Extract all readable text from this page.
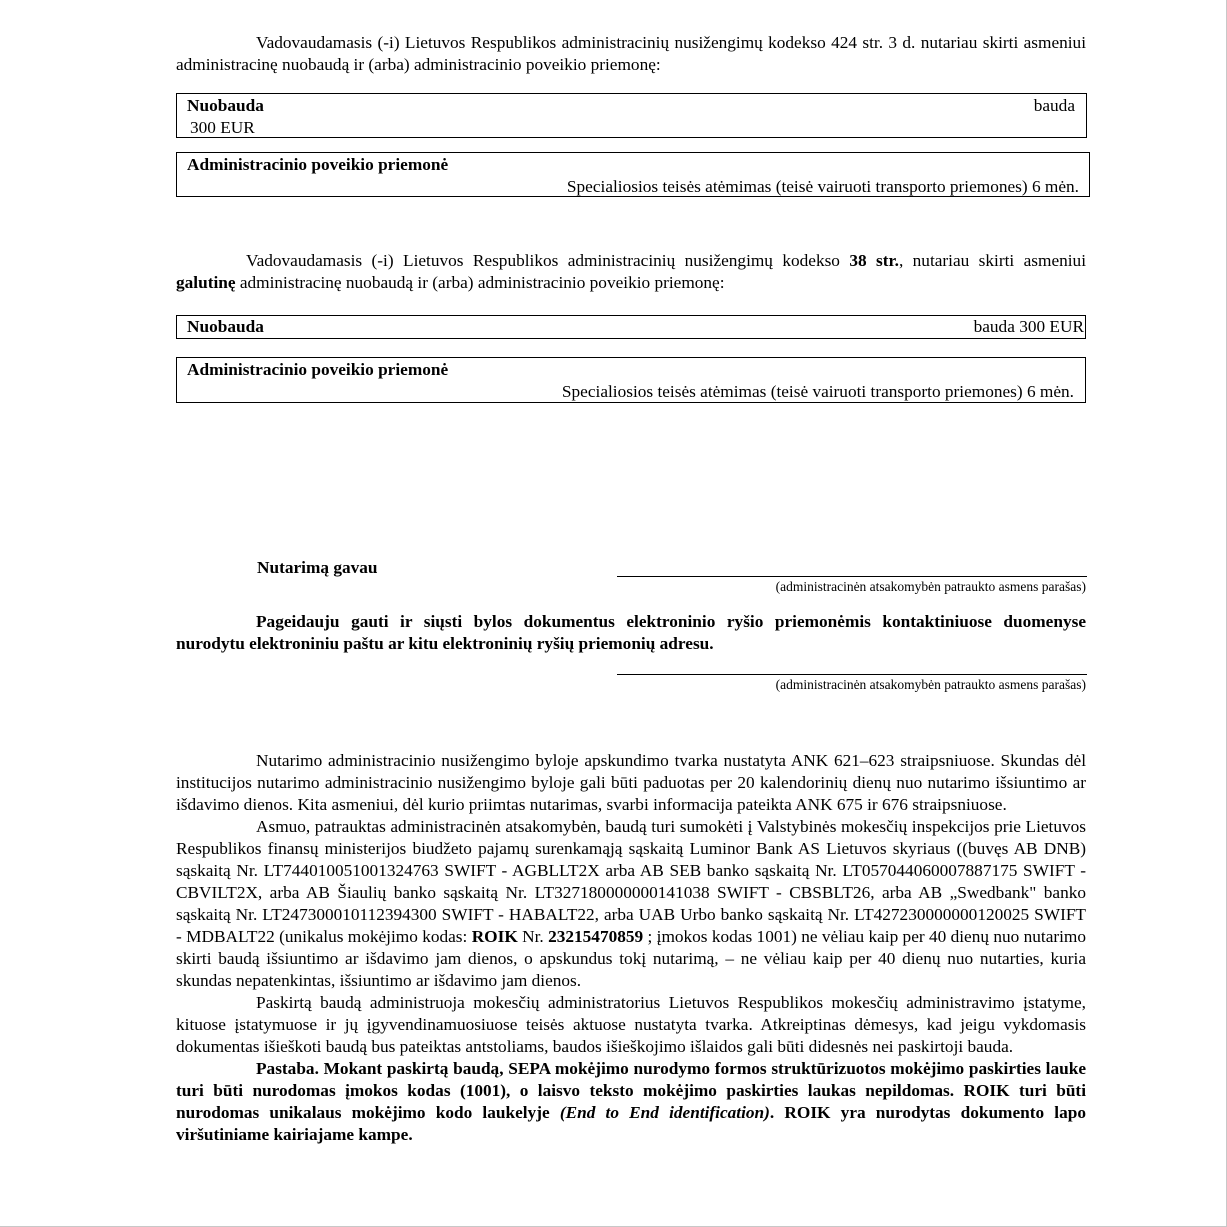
Vadovaudamasis (-i) Lietuvos Respublikos administracinių nusižengimų kodekso 424 str. 3 d. nutariau skirti asmeniui administracinę nuobaudą ir (arba) administracinio poveikio priemonę:
Nuobauda	bauda
300 EUR
Administracinio poveikio priemonė
Specialiosios teisės atėmimas (teisė vairuoti transporto priemones) 6 mėn.
Vadovaudamasis (-i) Lietuvos Respublikos administracinių nusižengimų kodekso 38 str., nutariau skirti asmeniui galutinę administracinę nuobaudą ir (arba) administracinio poveikio priemonę:
Nuobauda	bauda 300 EUR
Administracinio poveikio priemonė
Specialiosios teisės atėmimas (teisė vairuoti transporto priemones) 6 mėn.
Nutarimą gavau
(administracinėn atsakomybėn patraukto asmens parašas)
Pageidauju gauti ir siųsti bylos dokumentus elektroninio ryšio priemonėmis kontaktiniuose duomenyse nurodytu elektroniniu paštu ar kitu elektroninių ryšių priemonių adresu.
(administracinėn atsakomybėn patraukto asmens parašas)

Nutarimo administracinio nusižengimo byloje apskundimo tvarka nustatyta ANK 621–623 straipsniuose. Skundas dėl institucijos nutarimo administracinio nusižengimo byloje gali būti paduotas per 20 kalendorinių dienų nuo nutarimo išsiuntimo ar išdavimo dienos. Kita asmeniui, dėl kurio priimtas nutarimas, svarbi informacija pateikta ANK 675 ir 676 straipsniuose.

Asmuo, patrauktas administracinėn atsakomybėn, baudą turi sumokėti į Valstybinės mokesčių inspekcijos prie Lietuvos Respublikos finansų ministerijos biudžeto pajamų surenkamąją sąskaitą Luminor Bank AS Lietuvos skyriaus ((buvęs AB DNB) sąskaitą Nr. LT744010051001324763 SWIFT - AGBLLT2X arba AB SEB banko sąskaitą Nr. LT057044060007887175 SWIFT - CBVILT2X, arba AB Šiaulių banko sąskaitą Nr. LT327180000000141038 SWIFT - CBSBLT26, arba AB „Swedbank" banko sąskaitą Nr. LT247300010112394300 SWIFT - HABALT22, arba UAB Urbo banko sąskaitą Nr. LT427230000000120025 SWIFT - MDBALT22 (unikalus mokėjimo kodas: ROIK Nr. 23215470859 ; įmokos kodas 1001) ne vėliau kaip per 40 dienų nuo nutarimo skirti baudą išsiuntimo ar išdavimo jam dienos, o apskundus tokį nutarimą, – ne vėliau kaip per 40 dienų nuo nutarties, kuria skundas nepatenkintas, išsiuntimo ar išdavimo jam dienos.

Paskirtą baudą administruoja mokesčių administratorius Lietuvos Respublikos mokesčių administravimo įstatyme, kituose įstatymuose ir jų įgyvendinamuosiuose teisės aktuose nustatyta tvarka. Atkreiptinas dėmesys, kad jeigu vykdomasis dokumentas išieškoti baudą bus pateiktas antstoliams, baudos išieškojimo išlaidos gali būti didesnės nei paskirtoji bauda.

Pastaba. Mokant paskirtą baudą, SEPA mokėjimo nurodymo formos struktūrizuotos mokėjimo paskirties lauke turi būti nurodomas įmokos kodas (1001), o laisvo teksto mokėjimo paskirties laukas nepildomas. ROIK turi būti nurodomas unikalaus mokėjimo kodo laukelyje (End to End identification). ROIK yra nurodytas dokumento lapo viršutiniame kairiajame kampe.
